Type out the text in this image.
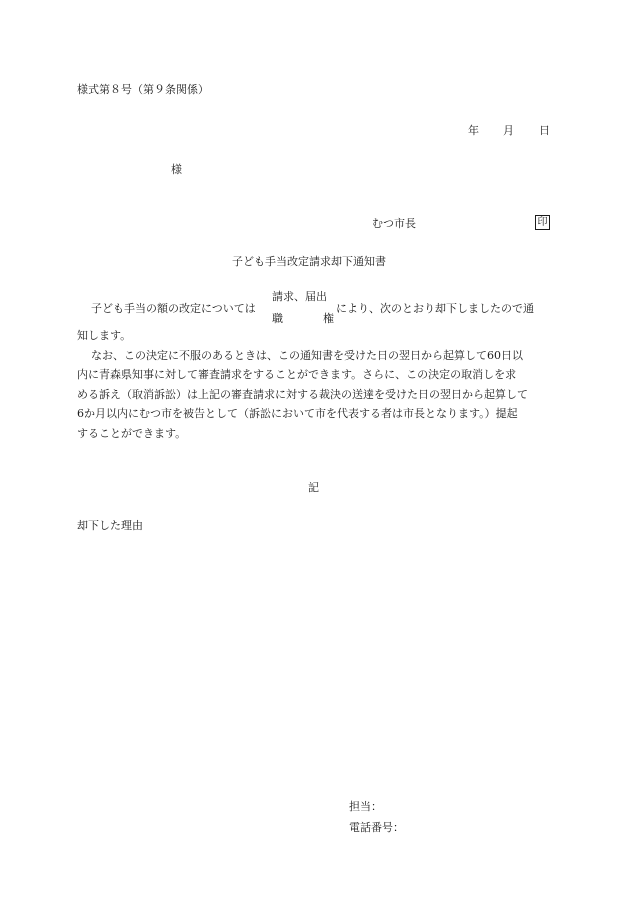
様式第８号（第９条関係）
年 月 日
様
むつ市長	印
子ども手当改定請求却下通知書
子ども手当の額の改定については
請求、届出
職	権
により、次のとおり却下しましたので通
知します。
なお、この決定に不服のあるときは、この通知書を受けた日の翌日から起算して60日以
内に青森県知事に対して審査請求をすることができます。さらに、この決定の取消しを求
める訴え（取消訴訟）は上記の審査請求に対する裁決の送達を受けた日の翌日から起算して
6か月以内にむつ市を被告として（訴訟において市を代表する者は市長となります。）提起
することができます。
記
却下した理由
担当：
電話番号：
